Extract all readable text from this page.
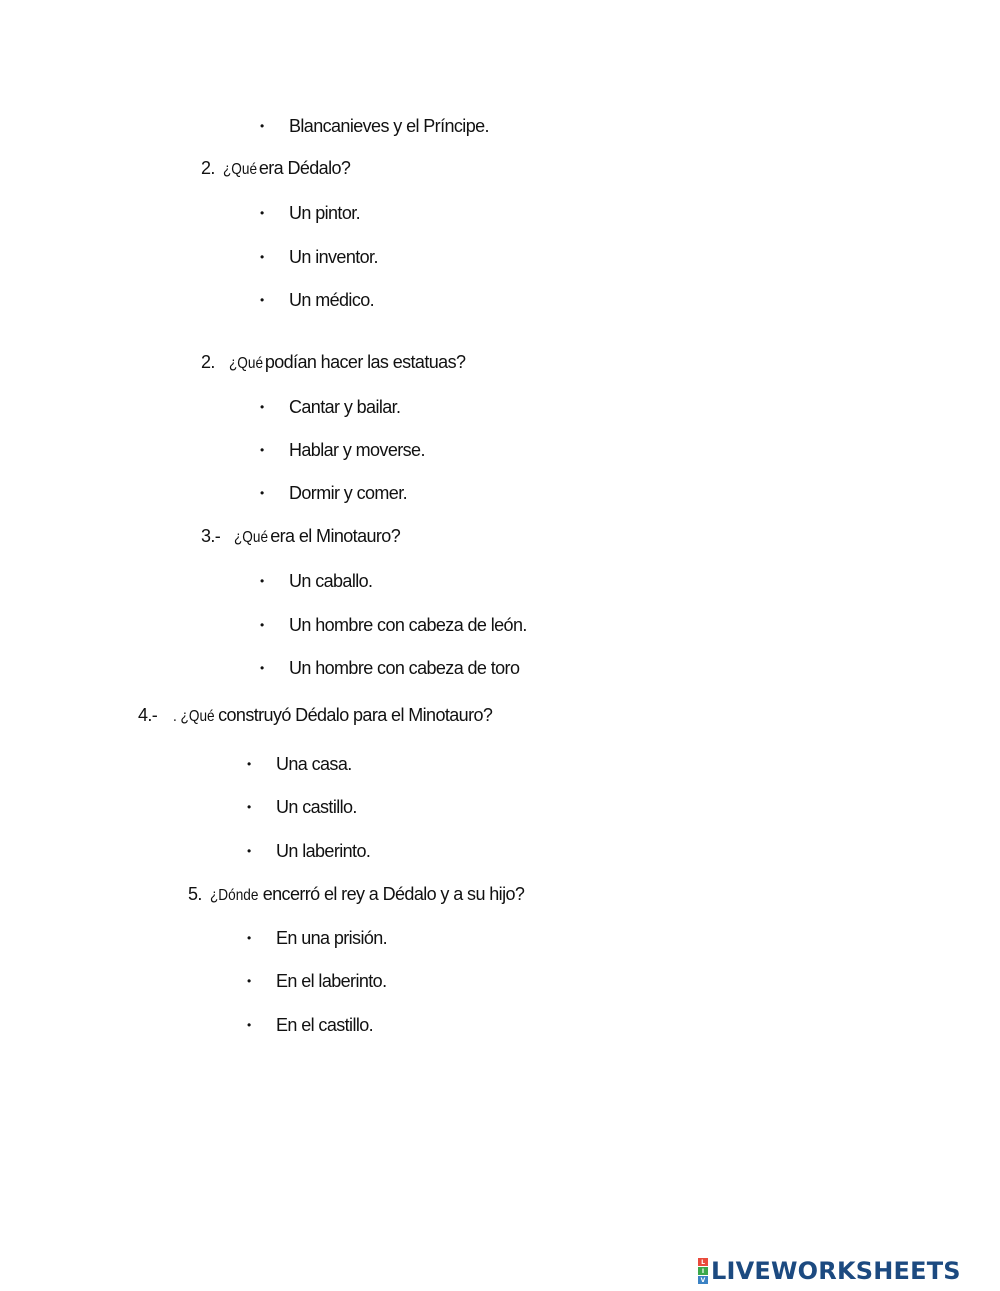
• Blancanieves y el Príncipe.
2. ¿Qué era Dédalo?
• Un pintor.
• Un inventor.
• Un médico.
2. ¿Qué podían hacer las estatuas?
• Cantar y bailar.
• Hablar y moverse.
• Dormir y comer.
3.- ¿Qué era el Minotauro?
• Un caballo.
• Un hombre con cabeza de león.
• Un hombre con cabeza de toro
4.- . ¿Qué construyó Dédalo para el Minotauro?
• Una casa.
• Un castillo.
• Un laberinto.
5. ¿Dónde encerró el rey a Dédalo y a su hijo?
• En una prisión.
• En el laberinto.
• En el castillo.
L
I
V LIVEWORKSHEETS
